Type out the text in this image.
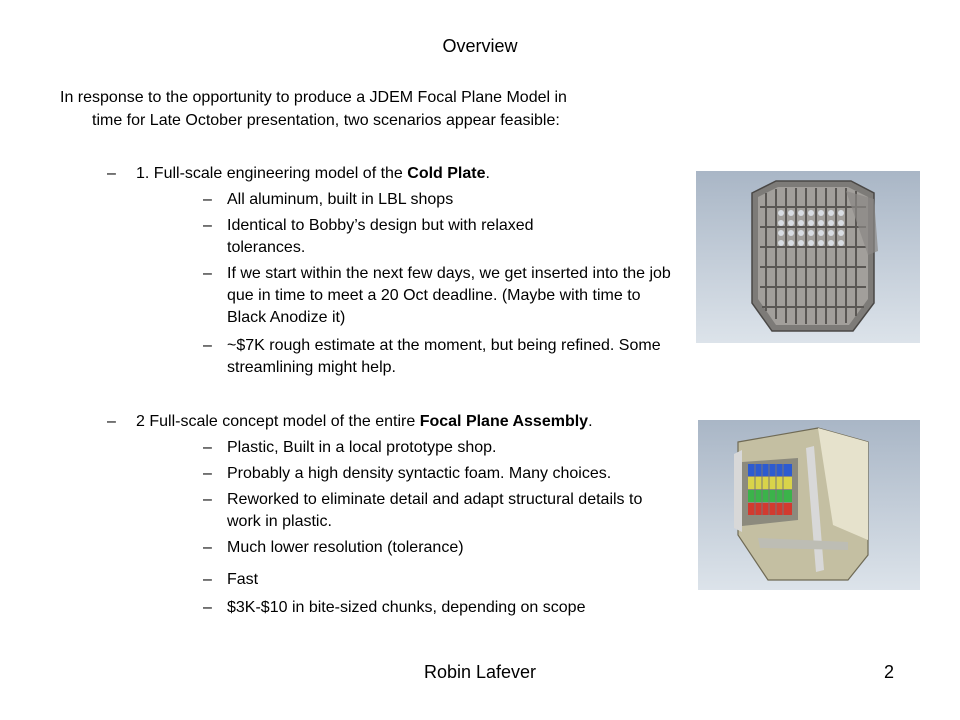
Overview
In response to the opportunity to produce a JDEM Focal Plane Model in
time for Late October presentation, two scenarios appear feasible:
–	1. Full-scale engineering model of the Cold Plate.
– All aluminum, built in LBL shops
– Identical to Bobby’s design but with relaxed tolerances.
– If we start within the next few days, we get inserted into the job que in time to meet a 20 Oct deadline. (Maybe with time to Black Anodize it)
– ~$7K rough estimate at the moment, but being refined. Some streamlining might help.
–	2 Full-scale concept model of the entire Focal Plane Assembly.
– Plastic, Built in a local prototype shop.
– Probably a high density syntactic foam. Many choices.
– Reworked to eliminate detail and adapt structural details to work in plastic.
– Much lower resolution (tolerance)
– Fast
– $3K-$10 in bite-sized chunks, depending on scope
Robin Lafever	2
